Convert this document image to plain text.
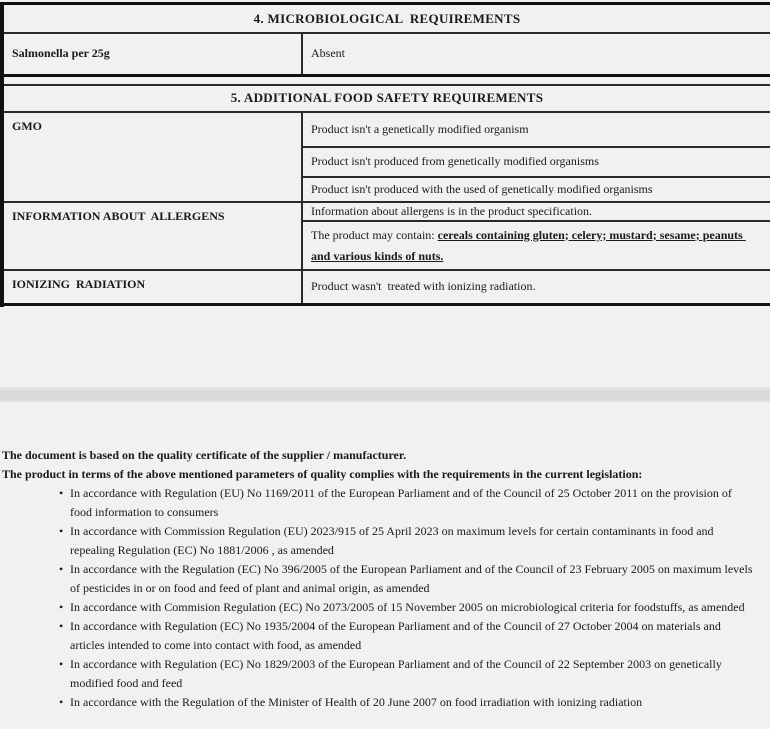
4. MICROBIOLOGICAL  REQUIREMENTS
Salmonella per 25g	Absent
5. ADDITIONAL FOOD SAFETY REQUIREMENTS
GMO	Product isn't a genetically modified organism
	Product isn't produced from genetically modified organisms
	Product isn't produced with the used of genetically modified organisms
INFORMATION ABOUT  ALLERGENS	Information about allergens is in the product specification.
	The product may contain: cereals containing gluten; celery; mustard; sesame; peanuts and various kinds of nuts.
IONIZING  RADIATION	Product wasn't  treated with ionizing radiation.
The document is based on the quality certificate of the supplier / manufacturer.
The product in terms of the above mentioned parameters of quality complies with the requirements in the current legislation:
• In accordance with Regulation (EU) No 1169/2011 of the European Parliament and of the Council of 25 October 2011 on the provision of food information to consumers
• In accordance with Commission Regulation (EU) 2023/915 of 25 April 2023 on maximum levels for certain contaminants in food and repealing Regulation (EC) No 1881/2006 , as amended
• In accordance with the Regulation (EC) No 396/2005 of the European Parliament and of the Council of 23 February 2005 on maximum levels of pesticides in or on food and feed of plant and animal origin, as amended
• In accordance with Commision Regulation (EC) No 2073/2005 of 15 November 2005 on microbiological criteria for foodstuffs, as amended
• In accordance with Regulation (EC) No 1935/2004 of the European Parliament and of the Council of 27 October 2004 on materials and articles intended to come into contact with food, as amended
• In accordance with Regulation (EC) No 1829/2003 of the European Parliament and of the Council of 22 September 2003 on genetically modified food and feed
• In accordance with the Regulation of the Minister of Health of 20 June 2007 on food irradiation with ionizing radiation
